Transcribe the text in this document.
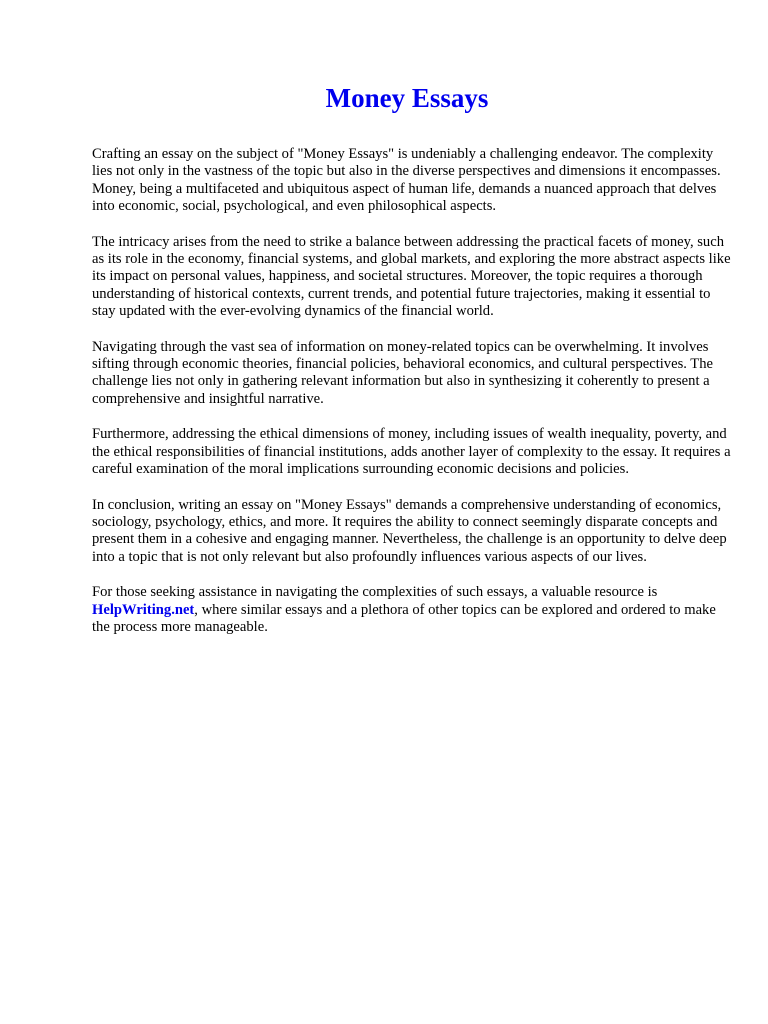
Money Essays

Crafting an essay on the subject of "Money Essays" is undeniably a challenging endeavor. The complexity lies not only in the vastness of the topic but also in the diverse perspectives and dimensions it encompasses. Money, being a multifaceted and ubiquitous aspect of human life, demands a nuanced approach that delves into economic, social, psychological, and even philosophical aspects.

The intricacy arises from the need to strike a balance between addressing the practical facets of money, such as its role in the economy, financial systems, and global markets, and exploring the more abstract aspects like its impact on personal values, happiness, and societal structures. Moreover, the topic requires a thorough understanding of historical contexts, current trends, and potential future trajectories, making it essential to stay updated with the ever-evolving dynamics of the financial world.

Navigating through the vast sea of information on money-related topics can be overwhelming. It involves sifting through economic theories, financial policies, behavioral economics, and cultural perspectives. The challenge lies not only in gathering relevant information but also in synthesizing it coherently to present a comprehensive and insightful narrative.

Furthermore, addressing the ethical dimensions of money, including issues of wealth inequality, poverty, and the ethical responsibilities of financial institutions, adds another layer of complexity to the essay. It requires a careful examination of the moral implications surrounding economic decisions and policies.

In conclusion, writing an essay on "Money Essays" demands a comprehensive understanding of economics, sociology, psychology, ethics, and more. It requires the ability to connect seemingly disparate concepts and present them in a cohesive and engaging manner. Nevertheless, the challenge is an opportunity to delve deep into a topic that is not only relevant but also profoundly influences various aspects of our lives.

For those seeking assistance in navigating the complexities of such essays, a valuable resource is HelpWriting.net, where similar essays and a plethora of other topics can be explored and ordered to make the process more manageable.
